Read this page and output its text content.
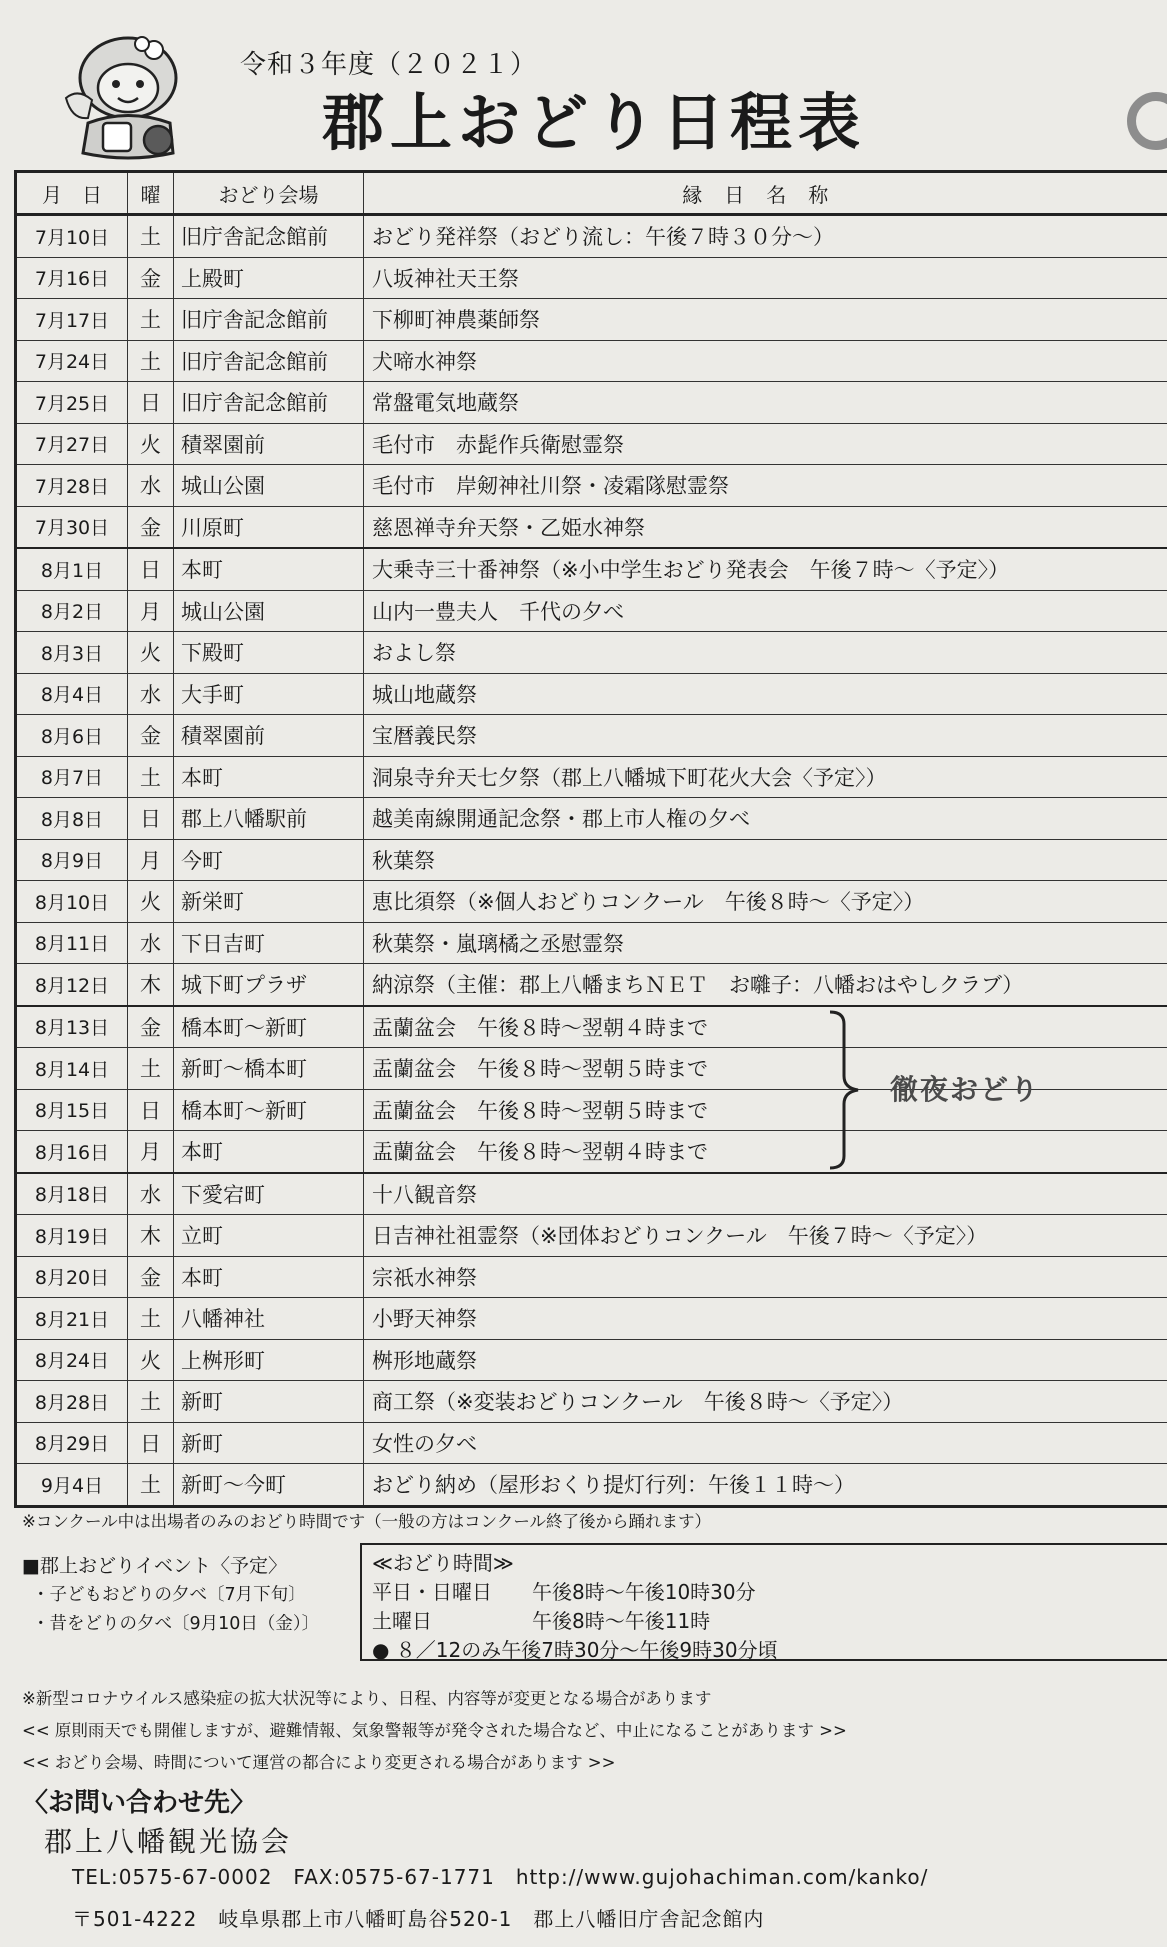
令和３年度（２０２１）
郡上おどり日程表
月　日	曜	おどり会場	縁日名称
7月10日	土	旧庁舎記念館前	おどり発祥祭（おどり流し：午後７時３０分～）
7月16日	金	上殿町	八坂神社天王祭
7月17日	土	旧庁舎記念館前	下柳町神農薬師祭
7月24日	土	旧庁舎記念館前	犬啼水神祭
7月25日	日	旧庁舎記念館前	常盤電気地蔵祭
7月27日	火	積翠園前	毛付市　赤髭作兵衛慰霊祭
7月28日	水	城山公園	毛付市　岸剱神社川祭・凌霜隊慰霊祭
7月30日	金	川原町	慈恩禅寺弁天祭・乙姫水神祭
8月1日	日	本町	大乗寺三十番神祭（※小中学生おどり発表会　午後７時～〈予定〉）
8月2日	月	城山公園	山内一豊夫人　千代の夕べ
8月3日	火	下殿町	およし祭
8月4日	水	大手町	城山地蔵祭
8月6日	金	積翠園前	宝暦義民祭
8月7日	土	本町	洞泉寺弁天七夕祭（郡上八幡城下町花火大会〈予定〉）
8月8日	日	郡上八幡駅前	越美南線開通記念祭・郡上市人権の夕べ
8月9日	月	今町	秋葉祭
8月10日	火	新栄町	恵比須祭（※個人おどりコンクール　午後８時～〈予定〉）
8月11日	水	下日吉町	秋葉祭・嵐璃橘之丞慰霊祭
8月12日	木	城下町プラザ	納涼祭（主催：郡上八幡まちＮＥＴ　お囃子：八幡おはやしクラブ）
8月13日	金	橋本町～新町	盂蘭盆会　午後８時～翌朝４時まで
8月14日	土	新町～橋本町	盂蘭盆会　午後８時～翌朝５時まで
8月15日	日	橋本町～新町	盂蘭盆会　午後８時～翌朝５時まで
8月16日	月	本町	盂蘭盆会　午後８時～翌朝４時まで
8月18日	水	下愛宕町	十八観音祭
8月19日	木	立町	日吉神社祖霊祭（※団体おどりコンクール　午後７時～〈予定〉）
8月20日	金	本町	宗祇水神祭
8月21日	土	八幡神社	小野天神祭
8月24日	火	上桝形町	桝形地蔵祭
8月28日	土	新町	商工祭（※変装おどりコンクール　午後８時～〈予定〉）
8月29日	日	新町	女性の夕べ
9月4日	土	新町～今町	おどり納め（屋形おくり提灯行列：午後１１時～）
徹夜おどり
※コンクール中は出場者のみのおどり時間です（一般の方はコンクール終了後から踊れます）
■郡上おどりイベント〈予定〉
・子どもおどりの夕べ〔7月下旬〕
・昔をどりの夕べ〔9月10日（金）〕
≪おどり時間≫
平日・日曜日	午後8時～午後10時30分
土曜日	午後8時～午後11時
● ８／12のみ午後7時30分～午後9時30分頃
※新型コロナウイルス感染症の拡大状況等により、日程、内容等が変更となる場合があります
<< 原則雨天でも開催しますが、避難情報、気象警報等が発令された場合など、中止になることがあります >>
<< おどり会場、時間について運営の都合により変更される場合があります >>
〈お問い合わせ先〉
郡上八幡観光協会
TEL:0575-67-0002　FAX:0575-67-1771　http://www.gujohachiman.com/kanko/
〒501-4222　岐阜県郡上市八幡町島谷520-1　郡上八幡旧庁舎記念館内
